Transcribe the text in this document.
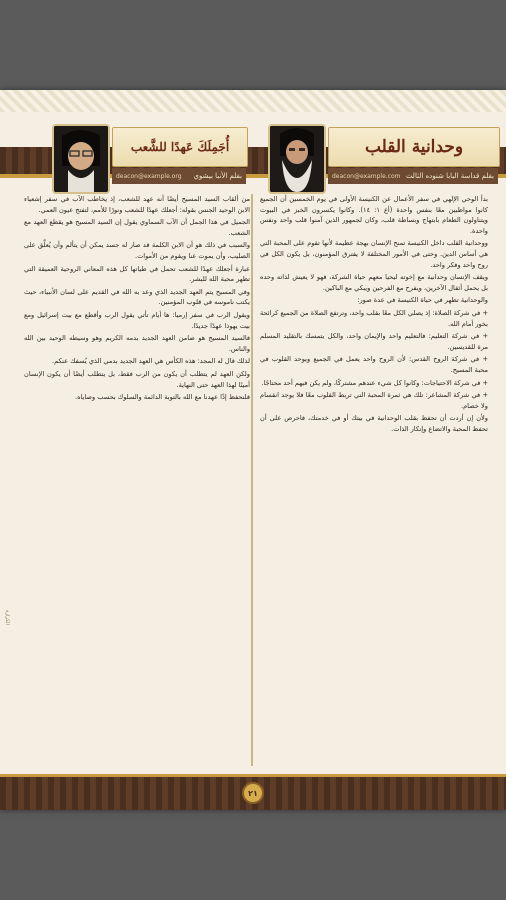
وحدانية القلب
بقلم قداسة البابا شنوده الثالث
deacon@example.com
أُجَمِلَكَ عَهدًا للشَّعب
بقلم الأنبا بيشوي
deacon@example.org

بدأ الوحي الإلهي في سفر الأعمال عن الكنيسة الأولى في يوم الخمسين أن الجميع كانوا مواظبين معًا بنفس واحدة (أع ١: ١٤). وكانوا يكسرون الخبز في البيوت ويتناولون الطعام بابتهاج وبساطة قلب، وكان لجمهور الذين آمنوا قلب واحد ونفس واحدة.

ووحدانية القلب داخل الكنيسة تمنح الإنسان بهجة عظيمة لأنها تقوم على المحبة التي هي أساس الدين. وحتى في الأمور المختلفة لا يفترق المؤمنون، بل يكون الكل في روح واحد وفكر واحد.

ويقف الإنسان وحدانية مع إخوته ليحيا معهم حياة الشركة، فهو لا يعيش لذاته وحده بل يحمل أثقال الآخرين، ويفرح مع الفرحين ويبكي مع الباكين.

والوحدانية تظهر في حياة الكنيسة في عدة صور:

+ في شركة الصلاة: إذ يصلي الكل معًا بقلب واحد، وترتفع الصلاة من الجميع كرائحة بخور أمام الله.

+ في شركة التعليم: فالتعليم واحد والإيمان واحد، والكل يتمسك بالتقليد المسلم مرة للقديسين.

+ في شركة الروح القدس: لأن الروح واحد يعمل في الجميع ويوحد القلوب في محبة المسيح.

+ في شركة الاحتياجات: وكانوا كل شيء عندهم مشتركًا، ولم يكن فيهم أحد محتاجًا.

+ في شركة المشاعر: تلك هي ثمرة المحبة التي تربط القلوب معًا فلا يوجد انقسام ولا خصام.

ولأن إن أردت أن تحفظ بقلب الوحدانية في بيتك أو في خدمتك، فاحرص على أن تحفظ المحبة والاتضاع وإنكار الذات.

من ألقاب السيد المسيح أيضًا أنه عهد للشعب، إذ يخاطب الآب في سفر إشعياء الابن الوحيد الجنس بقوله: أجعلك عهدًا للشعب ونورًا للأمم، لتفتح عيون العمي.

الجميل في هذا الجمل أن الآب السماوي يقول إن السيد المسيح هو يقطع العهد مع الشعب.

والسبب في ذلك هو أن الابن الكلمة قد صار له جسد يمكن أن يتألم وأن يُعلَّق على الصليب، وأن يموت عنا ويقوم من الأموات.

عبارة أجعلك عهدًا للشعب تحمل في طياتها كل هذه المعاني الروحية العميقة التي تظهر محبة الله للبشر.

وفي المسيح يتم العهد الجديد الذي وعد به الله في القديم على لسان الأنبياء، حيث يكتب ناموسه في قلوب المؤمنين.

ويقول الرب في سفر إرميا: ها أيام تأتي يقول الرب وأقطع مع بيت إسرائيل ومع بيت يهوذا عهدًا جديدًا.

فالسيد المسيح هو ضامن العهد الجديد بدمه الكريم وهو وسيطه الوحيد بين الله والناس.

لذلك قال له المجد: هذه الكأس هي العهد الجديد بدمي الذي يُسفك عنكم.

ولكن العهد لم يتطلب أن يكون من الرب فقط، بل يتطلب أيضًا أن يكون الإنسان أمينًا لهذا العهد حتى النهاية.

فلنحفظ إذًا عهدنا مع الله بالتوبة الدائمة والسلوك بحسب وصاياه.

الكرازة
٢١
